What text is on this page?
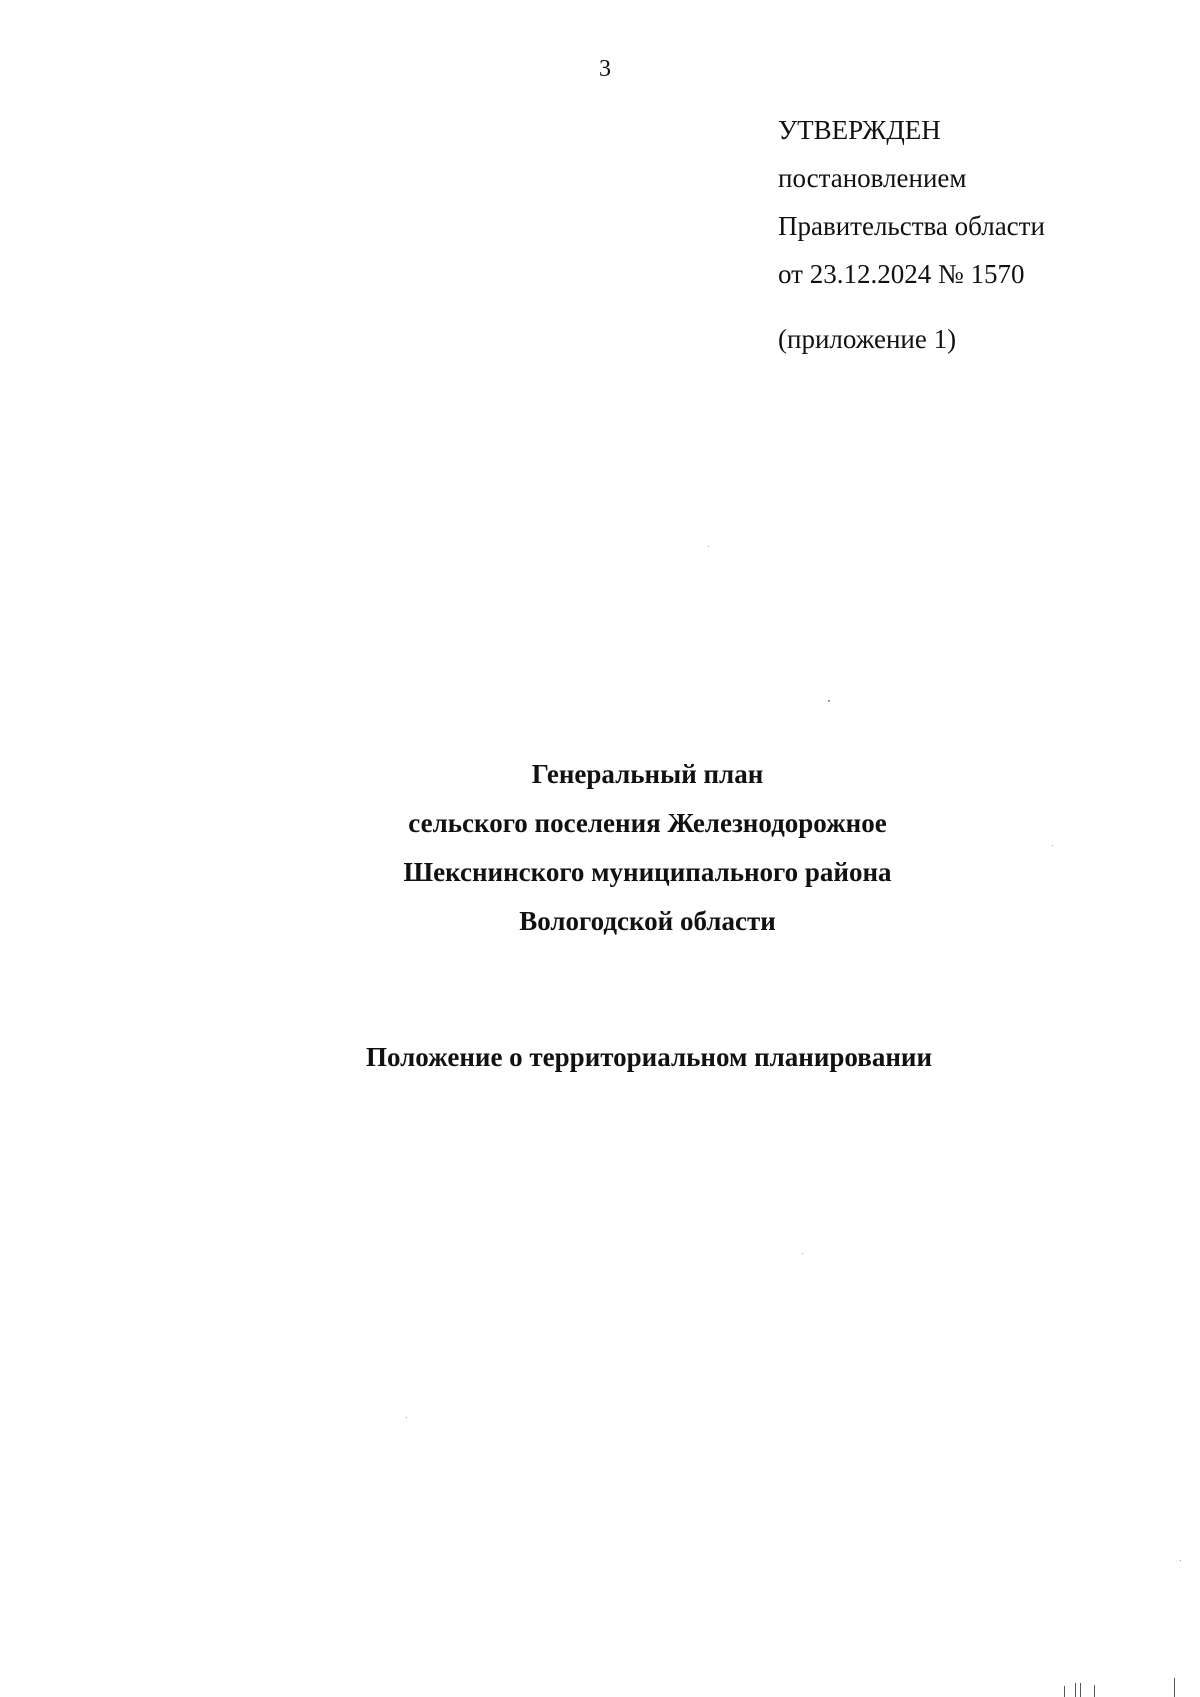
3
УТВЕРЖДЕН
постановлением
Правительства области
от 23.12.2024 № 1570
(приложение 1)
Генеральный план
сельского поселения Железнодорожное
Шекснинского муниципального района
Вологодской области
Положение о территориальном планировании
